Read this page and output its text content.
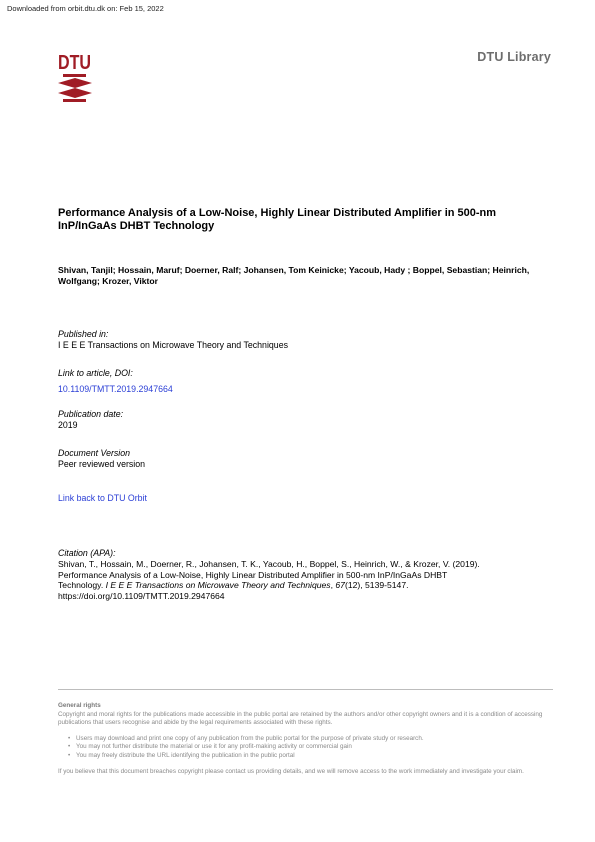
Downloaded from orbit.dtu.dk on: Feb 15, 2022
DTU	DTU Library
Performance Analysis of a Low-Noise, Highly Linear Distributed Amplifier in 500-nm InP/InGaAs DHBT Technology
Shivan, Tanjil; Hossain, Maruf; Doerner, Ralf; Johansen, Tom Keinicke; Yacoub, Hady ; Boppel, Sebastian; Heinrich, Wolfgang; Krozer, Viktor
Published in:
I E E E Transactions on Microwave Theory and Techniques
Link to article, DOI:
10.1109/TMTT.2019.2947664
Publication date:
2019
Document Version
Peer reviewed version
Link back to DTU Orbit
Citation (APA):
Shivan, T., Hossain, M., Doerner, R., Johansen, T. K., Yacoub, H., Boppel, S., Heinrich, W., & Krozer, V. (2019).
Performance Analysis of a Low-Noise, Highly Linear Distributed Amplifier in 500-nm InP/InGaAs DHBT
Technology. I E E E Transactions on Microwave Theory and Techniques, 67(12), 5139-5147.
https://doi.org/10.1109/TMTT.2019.2947664
General rights
Copyright and moral rights for the publications made accessible in the public portal are retained by the authors and/or other copyright owners and it is a condition of accessing publications that users recognise and abide by the legal requirements associated with these rights.
• Users may download and print one copy of any publication from the public portal for the purpose of private study or research.
• You may not further distribute the material or use it for any profit-making activity or commercial gain
• You may freely distribute the URL identifying the publication in the public portal
If you believe that this document breaches copyright please contact us providing details, and we will remove access to the work immediately and investigate your claim.
